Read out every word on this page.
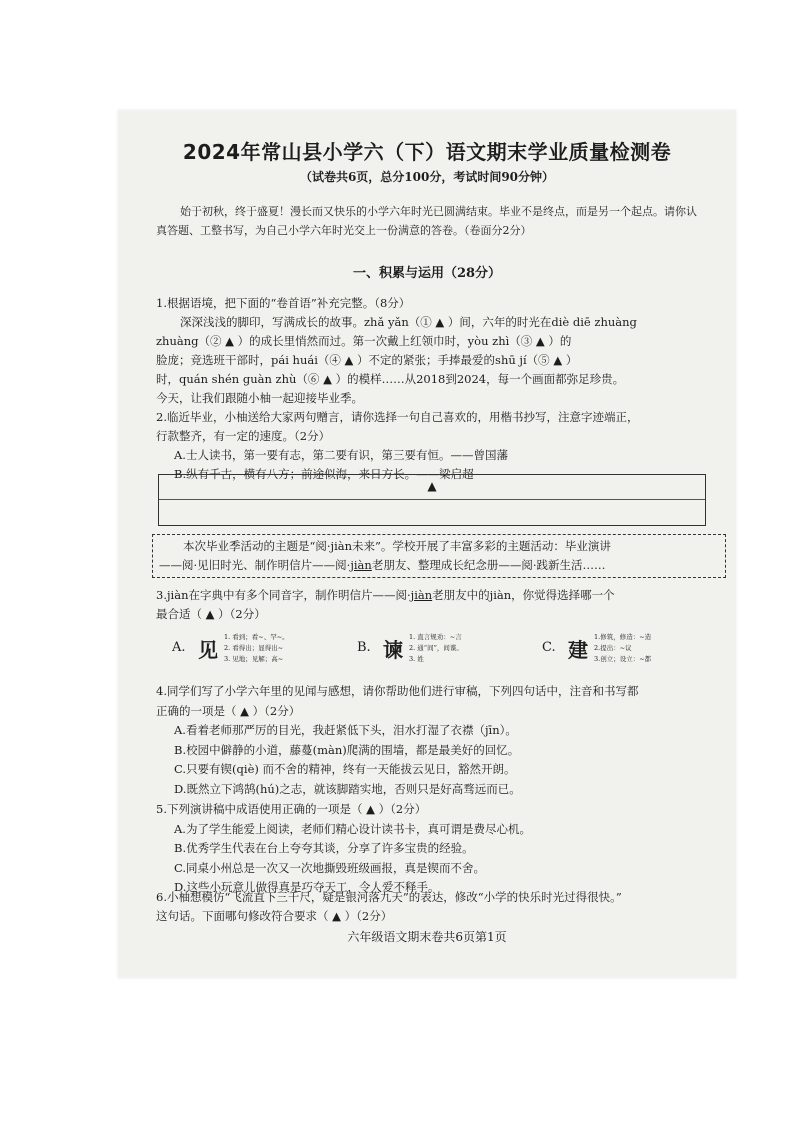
2024年常山县小学六（下）语文期末学业质量检测卷
（试卷共6页，总分100分，考试时间90分钟）
始于初秋，终于盛夏！漫长而又快乐的小学六年时光已圆满结束。毕业不是终点，而是另一个起点。请你认真答题、工整书写，为自己小学六年时光交上一份满意的答卷。（卷面分2分）
一、积累与运用（28分）
1.根据语境，把下面的“卷首语”补充完整。（8分）
深深浅浅的脚印，写满成长的故事。zhǎ yǎn（① ▲ ）间，六年的时光在diè diē zhuàng
zhuàng（② ▲ ）的成长里悄然而过。第一次戴上红领巾时，yòu zhì（③ ▲ ）的
脸庞；竞选班干部时，pái huái（④ ▲ ）不定的紧张；手捧最爱的shū jí（⑤ ▲ ）
时，quán shén guàn zhù（⑥ ▲ ）的模样……从2018到2024，每一个画面都弥足珍贵。
今天，让我们跟随小柚一起迎接毕业季。
2.临近毕业，小柚送给大家两句赠言，请你选择一句自己喜欢的，用楷书抄写，注意字迹端正，
行款整齐，有一定的速度。（2分）
A.士人读书，第一要有志，第二要有识，第三要有恒。——曾国藩
B.纵有千古，横有八方；前途似海，来日方长。——梁启超
▲
本次毕业季活动的主题是“阅·jiàn未来”。学校开展了丰富多彩的主题活动：毕业演讲
——阅·见旧时光、制作明信片——阅·jiàn老朋友、整理成长纪念册——阅·践新生活……
3.jiàn在字典中有多个同音字，制作明信片——阅·jiàn老朋友中的jiàn，你觉得选择哪一个
最合适（ ▲ ）（2分）
A. 见
1. 看到；看~、罕~。
2. 看得出；显得出~
3. 见地；见解；高~
B. 谏
1. 直言规劝：~言
2. 通“间”，间谍。
3. 姓
C. 建
1.修筑，修造：~造
2.提出：~议
3.创立；设立：~都
4.同学们写了小学六年里的见闻与感想，请你帮助他们进行审稿，下列四句话中，注音和书写都
正确的一项是（ ▲ ）（2分）
A.看着老师那严厉的目光，我赶紧低下头，泪水打湿了衣襟（jīn）。
B.校园中僻静的小道，藤蔓(màn)爬满的围墙，都是最美好的回忆。
C.只要有锲(qiè) 而不舍的精神，终有一天能拔云见日，豁然开朗。
D.既然立下鸿鹄(hú)之志，就该脚踏实地，否则只是好高骛远而已。
5.下列演讲稿中成语使用正确的一项是（ ▲ ）（2分）
A.为了学生能爱上阅读，老师们精心设计读书卡，真可谓是费尽心机。
B.优秀学生代表在台上夸夸其谈，分享了许多宝贵的经验。
C.同桌小州总是一次又一次地撕毁班级画报，真是锲而不舍。
D.这些小玩意儿做得真是巧夺天工，令人爱不释手。
6.小柚想模仿“飞流直下三千尺，疑是银河落九天”的表达，修改“小学的快乐时光过得很快。”
这句话。下面哪句修改符合要求（ ▲ ）（2分）
六年级语文期末卷共6页第1页
